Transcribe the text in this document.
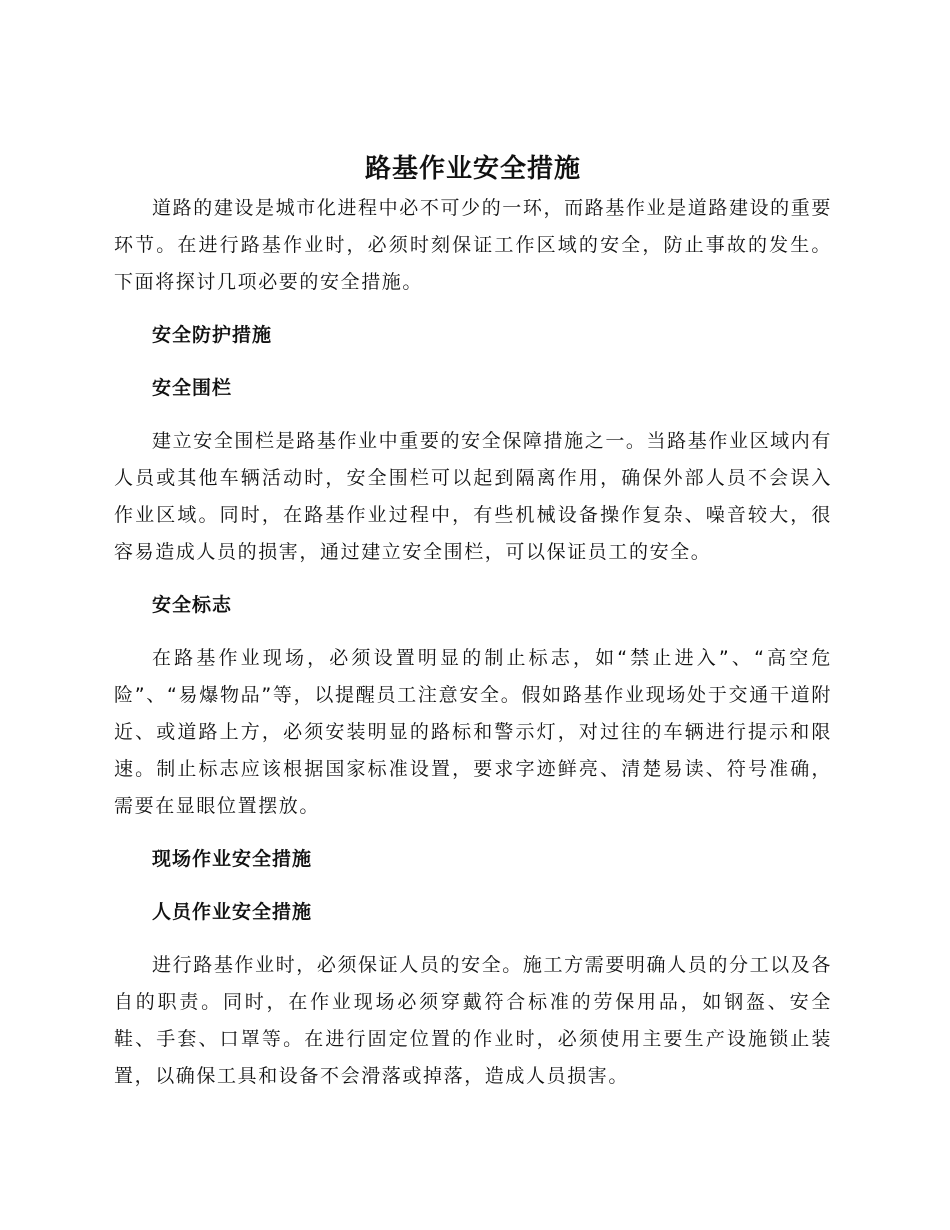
路基作业安全措施

道路的建设是城市化进程中必不可少的一环，而路基作业是道路建设的重要环节。在进行路基作业时，必须时刻保证工作区域的安全，防止事故的发生。下面将探讨几项必要的安全措施。

安全防护措施

安全围栏

建立安全围栏是路基作业中重要的安全保障措施之一。当路基作业区域内有人员或其他车辆活动时，安全围栏可以起到隔离作用，确保外部人员不会误入作业区域。同时，在路基作业过程中，有些机械设备操作复杂、噪音较大，很容易造成人员的损害，通过建立安全围栏，可以保证员工的安全。

安全标志

在路基作业现场，必须设置明显的制止标志，如“禁止进入”、“高空危险”、“易爆物品”等，以提醒员工注意安全。假如路基作业现场处于交通干道附近、或道路上方，必须安装明显的路标和警示灯，对过往的车辆进行提示和限速。制止标志应该根据国家标准设置，要求字迹鲜亮、清楚易读、符号准确，需要在显眼位置摆放。

现场作业安全措施

人员作业安全措施

进行路基作业时，必须保证人员的安全。施工方需要明确人员的分工以及各自的职责。同时，在作业现场必须穿戴符合标准的劳保用品，如钢盔、安全鞋、手套、口罩等。在进行固定位置的作业时，必须使用主要生产设施锁止装置，以确保工具和设备不会滑落或掉落，造成人员损害。
